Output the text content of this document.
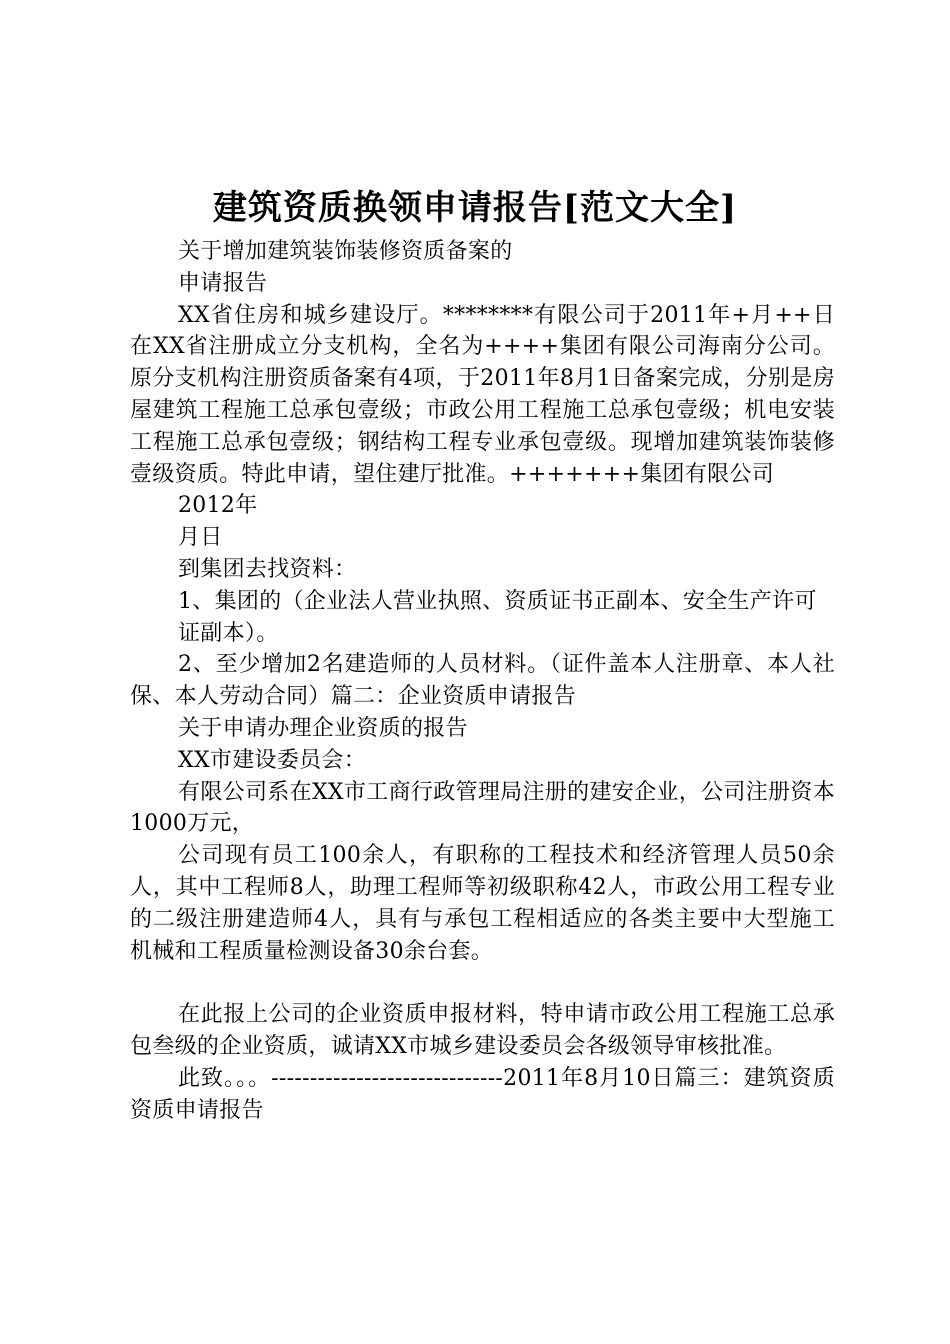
建筑资质换领申请报告[范文大全]

关于增加建筑装饰装修资质备案的

申请报告

XX省住房和城乡建设厅。********有限公司于2011年+月++日在XX省注册成立分支机构，全名为++++集团有限公司海南分公司。原分支机构注册资质备案有4项，于2011年8月1日备案完成，分别是房屋建筑工程施工总承包壹级；市政公用工程施工总承包壹级；机电安装工程施工总承包壹级；钢结构工程专业承包壹级。现增加建筑装饰装修壹级资质。特此申请，望住建厅批准。+++++++集团有限公司

2012年

月日

到集团去找资料：

1、集团的（企业法人营业执照、资质证书正副本、安全生产许可

证副本）。

2、至少增加2名建造师的人员材料。（证件盖本人注册章、本人社保、本人劳动合同）篇二：企业资质申请报告

关于申请办理企业资质的报告

XX市建设委员会：

有限公司系在XX市工商行政管理局注册的建安企业，公司注册资本1000万元，

公司现有员工100余人，有职称的工程技术和经济管理人员50余人，其中工程师8人，助理工程师等初级职称42人，市政公用工程专业的二级注册建造师4人，具有与承包工程相适应的各类主要中大型施工机械和工程质量检测设备30余台套。

在此报上公司的企业资质申报材料，特申请市政公用工程施工总承包叁级的企业资质，诚请XX市城乡建设委员会各级领导审核批准。

此致。。。------------------------------2011年8月10日篇三：建筑资质资质申请报告
